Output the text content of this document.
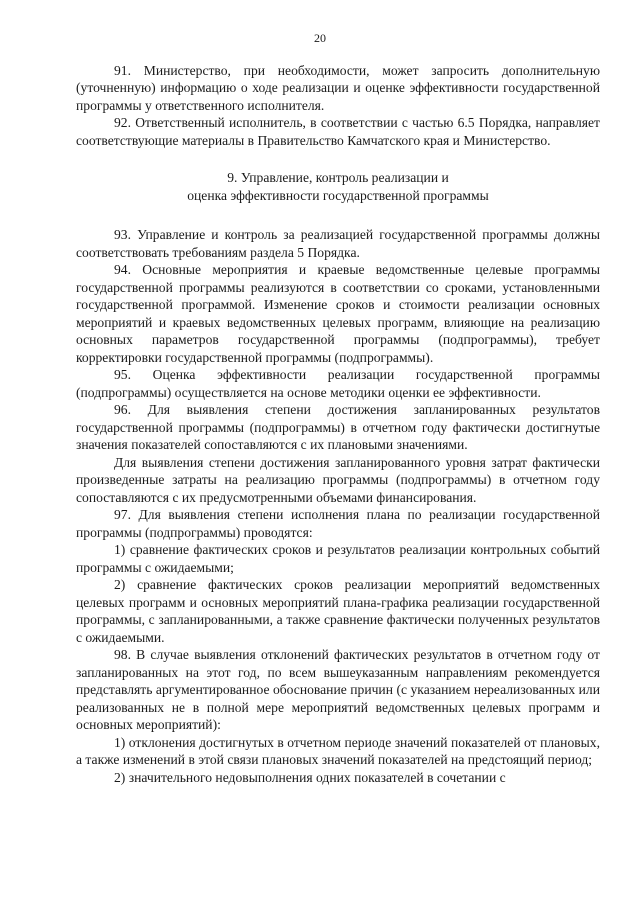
20

91. Министерство, при необходимости, может запросить дополнительную (уточненную) информацию о ходе реализации и оценке эффективности государственной программы у ответственного исполнителя.

92. Ответственный исполнитель, в соответствии с частью 6.5 Порядка, направляет соответствующие материалы в Правительство Камчатского края и Министерство.

9. Управление, контроль реализации и
оценка эффективности государственной программы

93. Управление и контроль за реализацией государственной программы должны соответствовать требованиям раздела 5 Порядка.

94. Основные мероприятия и краевые ведомственные целевые программы государственной программы реализуются в соответствии со сроками, установленными государственной программой. Изменение сроков и стоимости реализации основных мероприятий и краевых ведомственных целевых программ, влияющие на реализацию основных параметров государственной программы (подпрограммы), требует корректировки государственной программы (подпрограммы).

95. Оценка эффективности реализации государственной программы (подпрограммы) осуществляется на основе методики оценки ее эффективности.

96. Для выявления степени достижения запланированных результатов государственной программы (подпрограммы) в отчетном году фактически достигнутые значения показателей сопоставляются с их плановыми значениями.

Для выявления степени достижения запланированного уровня затрат фактически произведенные затраты на реализацию программы (подпрограммы) в отчетном году сопоставляются с их предусмотренными объемами финансирования.

97. Для выявления степени исполнения плана по реализации государственной программы (подпрограммы) проводятся:

1) сравнение фактических сроков и результатов реализации контрольных событий программы с ожидаемыми;

2) сравнение фактических сроков реализации мероприятий ведомственных целевых программ и основных мероприятий плана-графика реализации государственной программы, с запланированными, а также сравнение фактически полученных результатов с ожидаемыми.

98. В случае выявления отклонений фактических результатов в отчетном году от запланированных на этот год, по всем вышеуказанным направлениям рекомендуется представлять аргументированное обоснование причин (с указанием нереализованных или реализованных не в полной мере мероприятий ведомственных целевых программ и основных мероприятий):

1) отклонения достигнутых в отчетном периоде значений показателей от плановых, а также изменений в этой связи плановых значений показателей на предстоящий период;

2) значительного недовыполнения одних показателей в сочетании с
